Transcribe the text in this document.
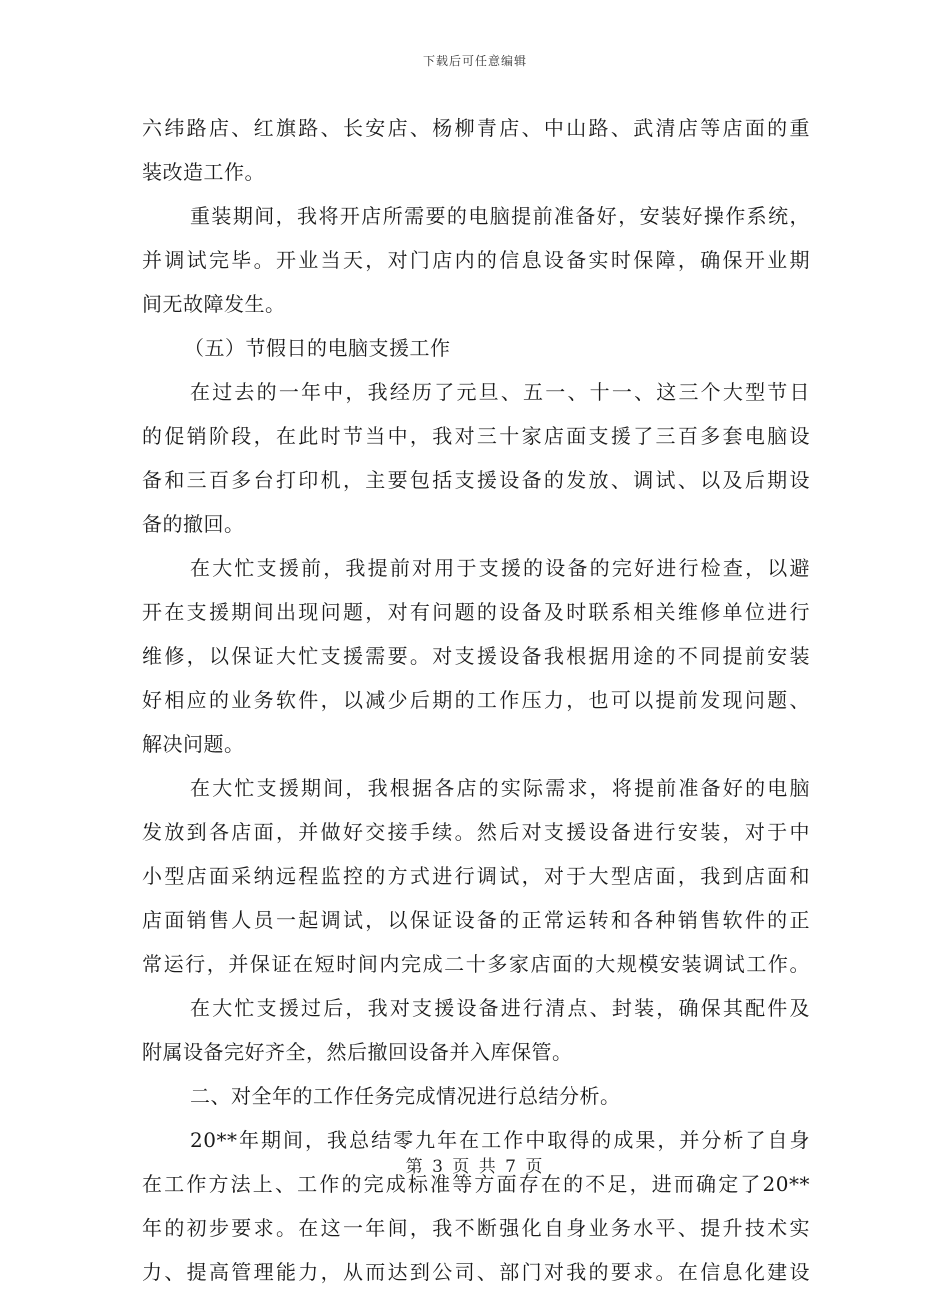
下载后可任意编辑
六纬路店、红旗路、长安店、杨柳青店、中山路、武清店等店面的重
装改造工作。
重装期间，我将开店所需要的电脑提前准备好，安装好操作系统，
并调试完毕。开业当天，对门店内的信息设备实时保障，确保开业期
间无故障发生。
（五）节假日的电脑支援工作
在过去的一年中，我经历了元旦、五一、十一、这三个大型节日
的促销阶段，在此时节当中，我对三十家店面支援了三百多套电脑设
备和三百多台打印机，主要包括支援设备的发放、调试、以及后期设
备的撤回。
在大忙支援前，我提前对用于支援的设备的完好进行检查，以避
开在支援期间出现问题，对有问题的设备及时联系相关维修单位进行
维修，以保证大忙支援需要。对支援设备我根据用途的不同提前安装
好相应的业务软件，以减少后期的工作压力，也可以提前发现问题、
解决问题。
在大忙支援期间，我根据各店的实际需求，将提前准备好的电脑
发放到各店面，并做好交接手续。然后对支援设备进行安装，对于中
小型店面采纳远程监控的方式进行调试，对于大型店面，我到店面和
店面销售人员一起调试，以保证设备的正常运转和各种销售软件的正
常运行，并保证在短时间内完成二十多家店面的大规模安装调试工作。
在大忙支援过后，我对支援设备进行清点、封装，确保其配件及
附属设备完好齐全，然后撤回设备并入库保管。
二、对全年的工作任务完成情况进行总结分析。
20**年期间，我总结零九年在工作中取得的成果，并分析了自身
在工作方法上、工作的完成标准等方面存在的不足，进而确定了20**
年的初步要求。在这一年间，我不断强化自身业务水平、提升技术实
力、提高管理能力，从而达到公司、部门对我的要求。在信息化建设
第 3 页 共 7 页
